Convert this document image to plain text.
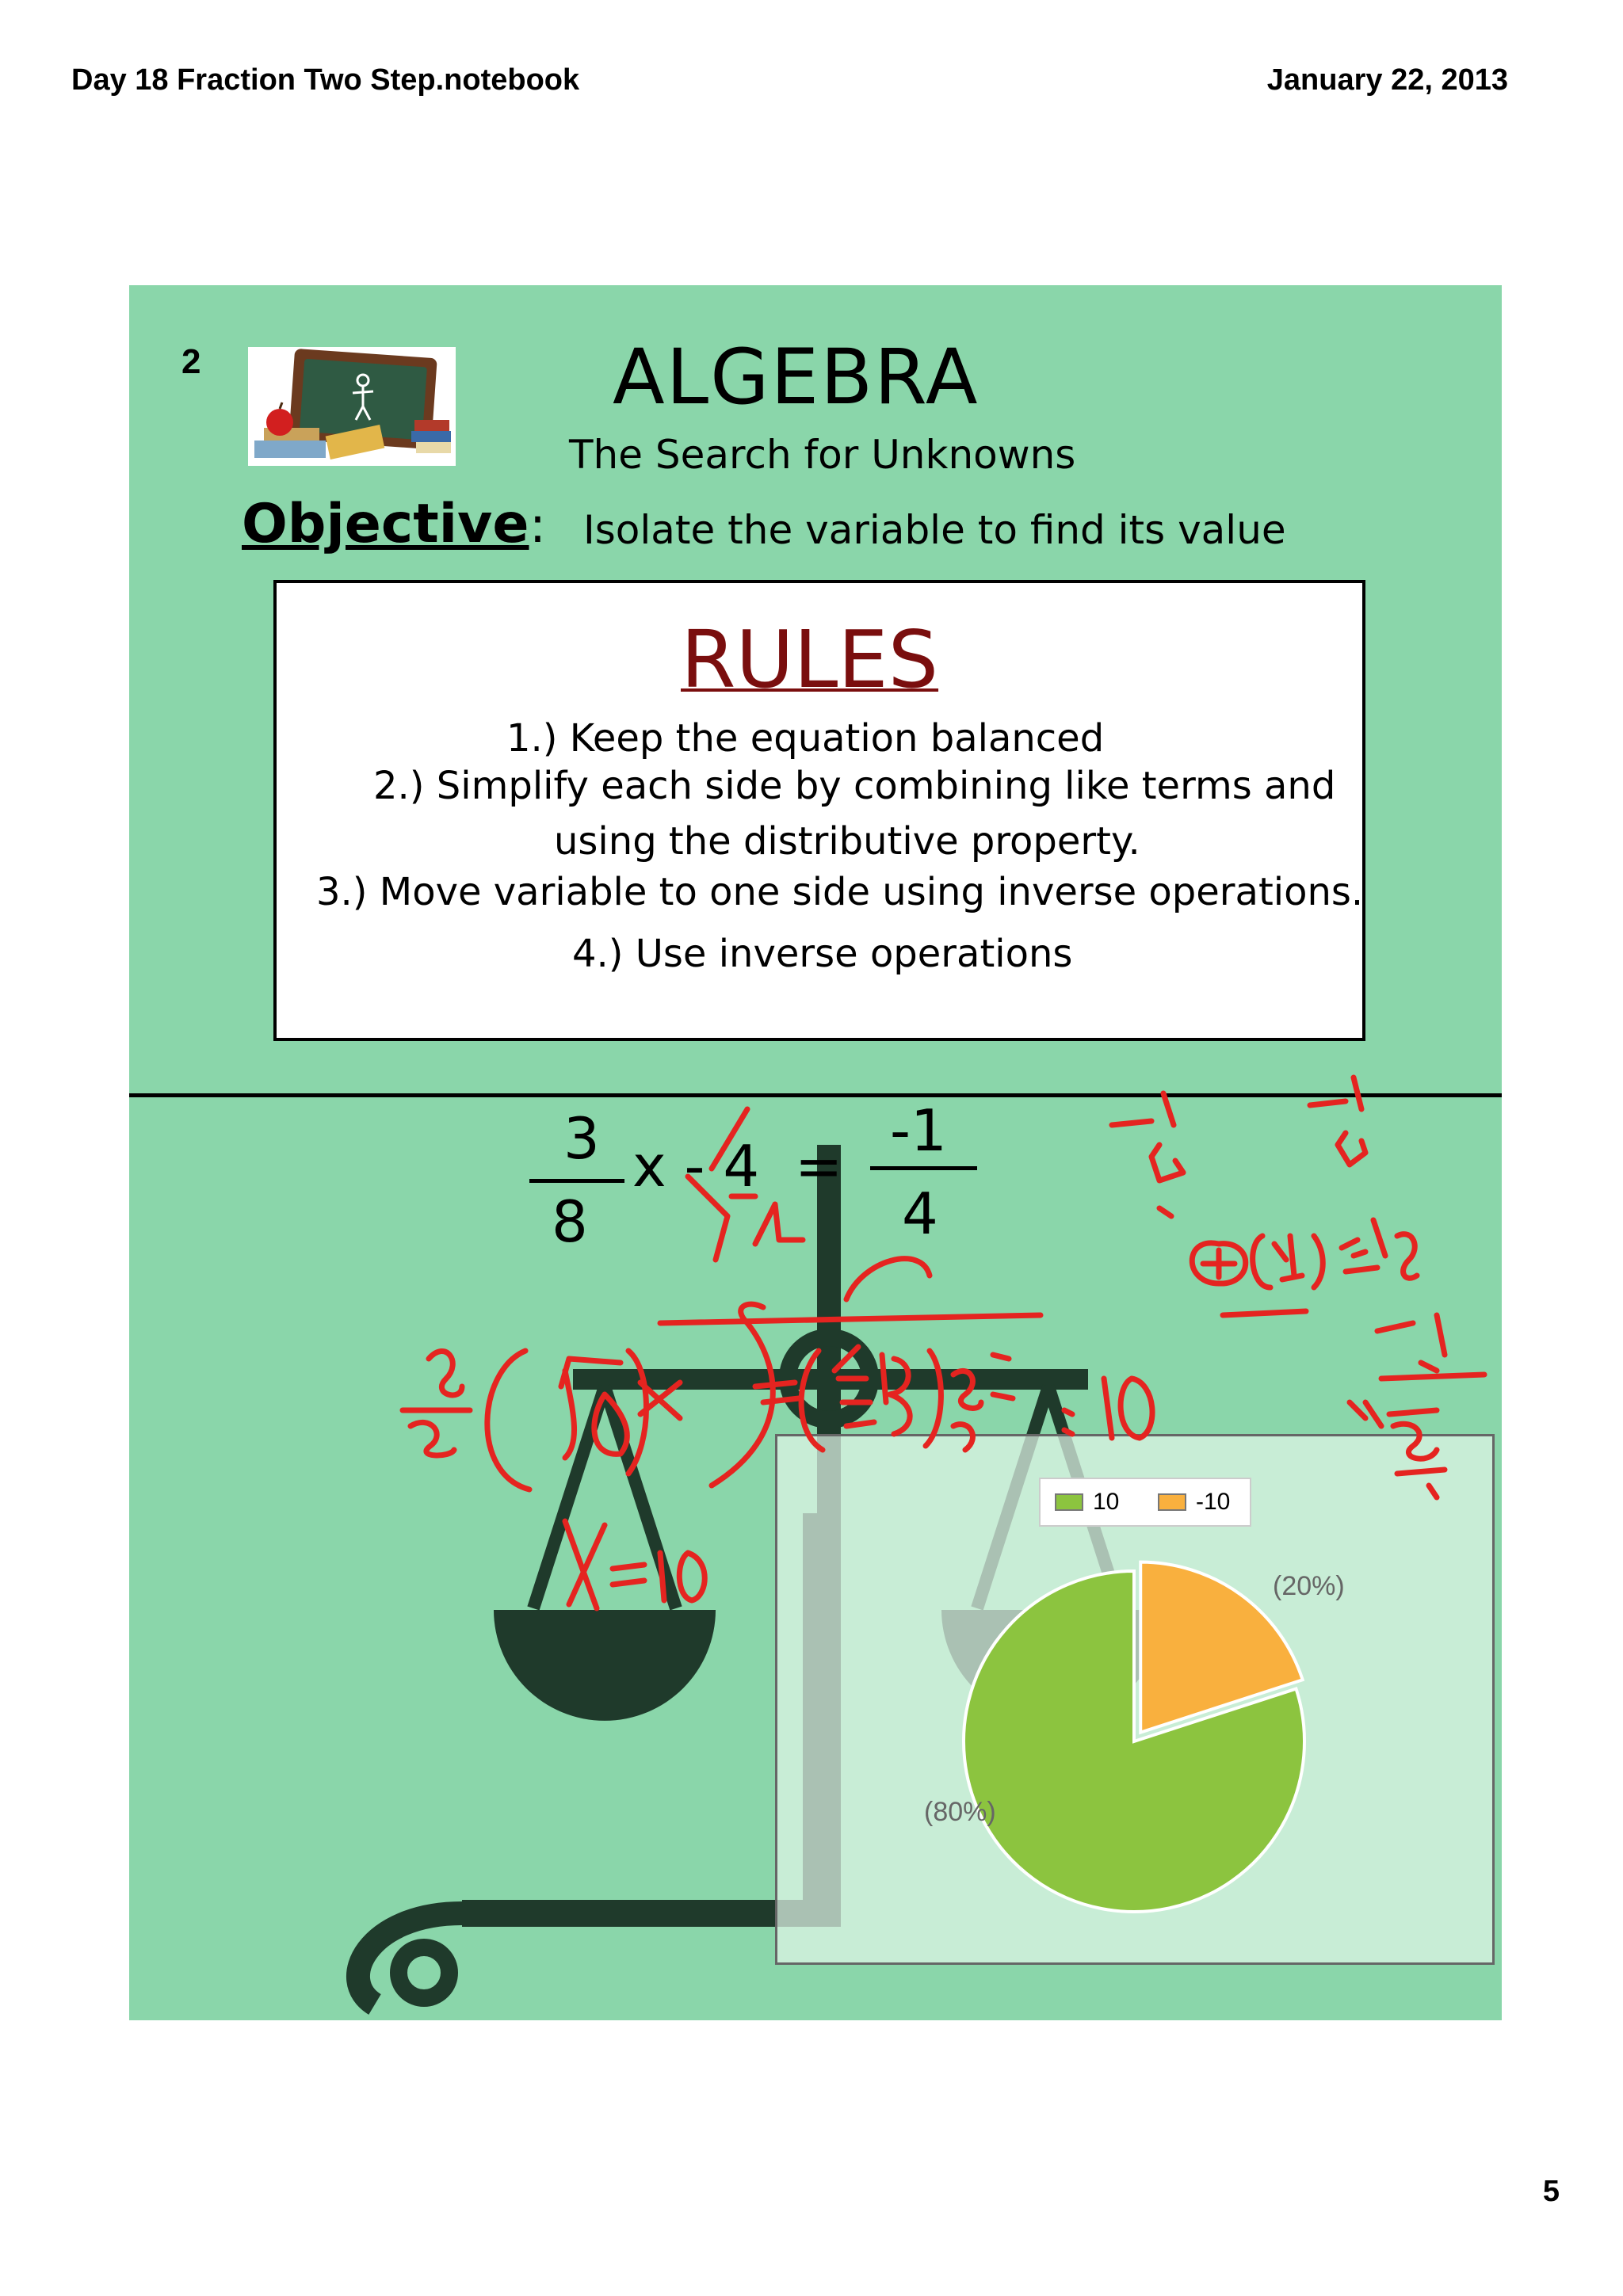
Day 18 Fraction Two Step.notebook	January 22, 2013
2	ALGEBRA
The Search for Unknowns
Objective : Isolate the variable to find its value
RULES
1.) Keep the equation balanced
2.) Simplify each side by combining like terms and
using the distributive property.
3.) Move variable to one side using inverse operations.
4.) Use inverse operations
3
8
x - 4 =
-1
4
10	-10
(80%)
(20%)
5
